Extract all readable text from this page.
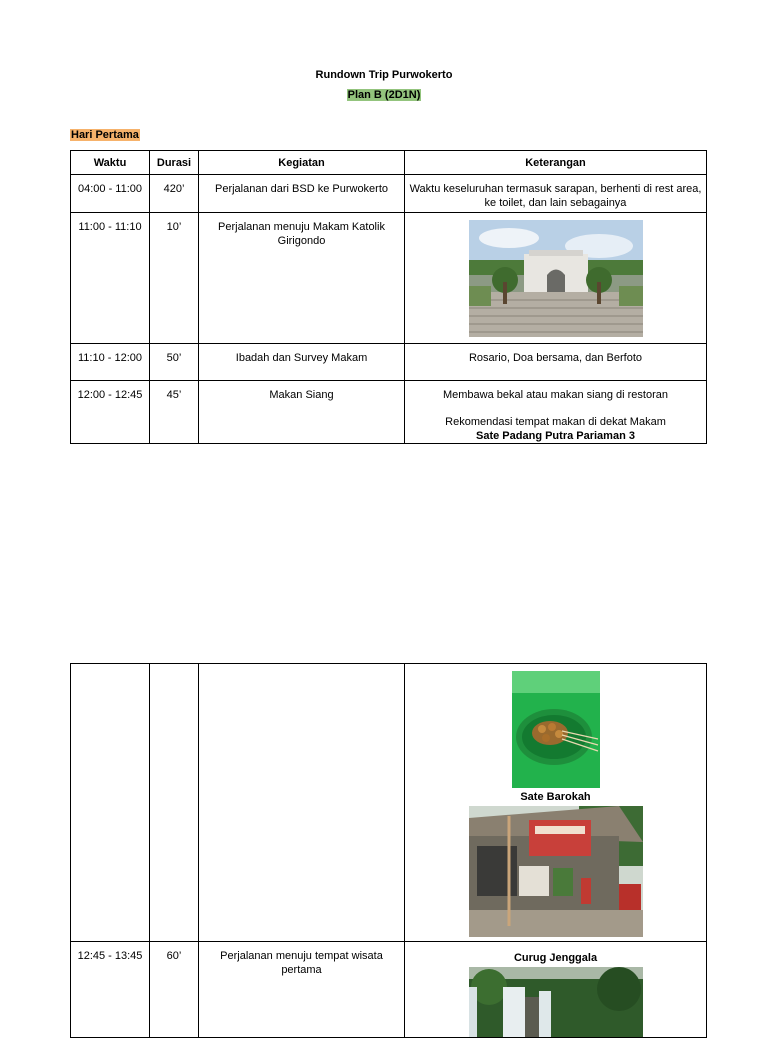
Rundown Trip Purwokerto
Plan B (2D1N)
Hari Pertama
Waktu	Durasi	Kegiatan	Keterangan
04:00 - 11:00	420’	Perjalanan dari BSD ke Purwokerto	Waktu keseluruhan termasuk sarapan, berhenti di rest area, ke toilet, dan lain sebagainya
11:00 - 11:10	10’	Perjalanan menuju Makam Katolik Girigondo	

11:10 - 12:00	50’	Ibadah dan Survey Makam	Rosario, Doa bersama, dan Berfoto
12:00 - 12:45	45’	Makan Siang	Membawa bekal atau makan siang di restoran
Rekomendasi tempat makan di dekat Makam
Sate Padang Putra Pariaman 3

			Sate Barokah

12:45 - 13:45	60’	Perjalanan menuju tempat wisata pertama	Curug Jenggala
